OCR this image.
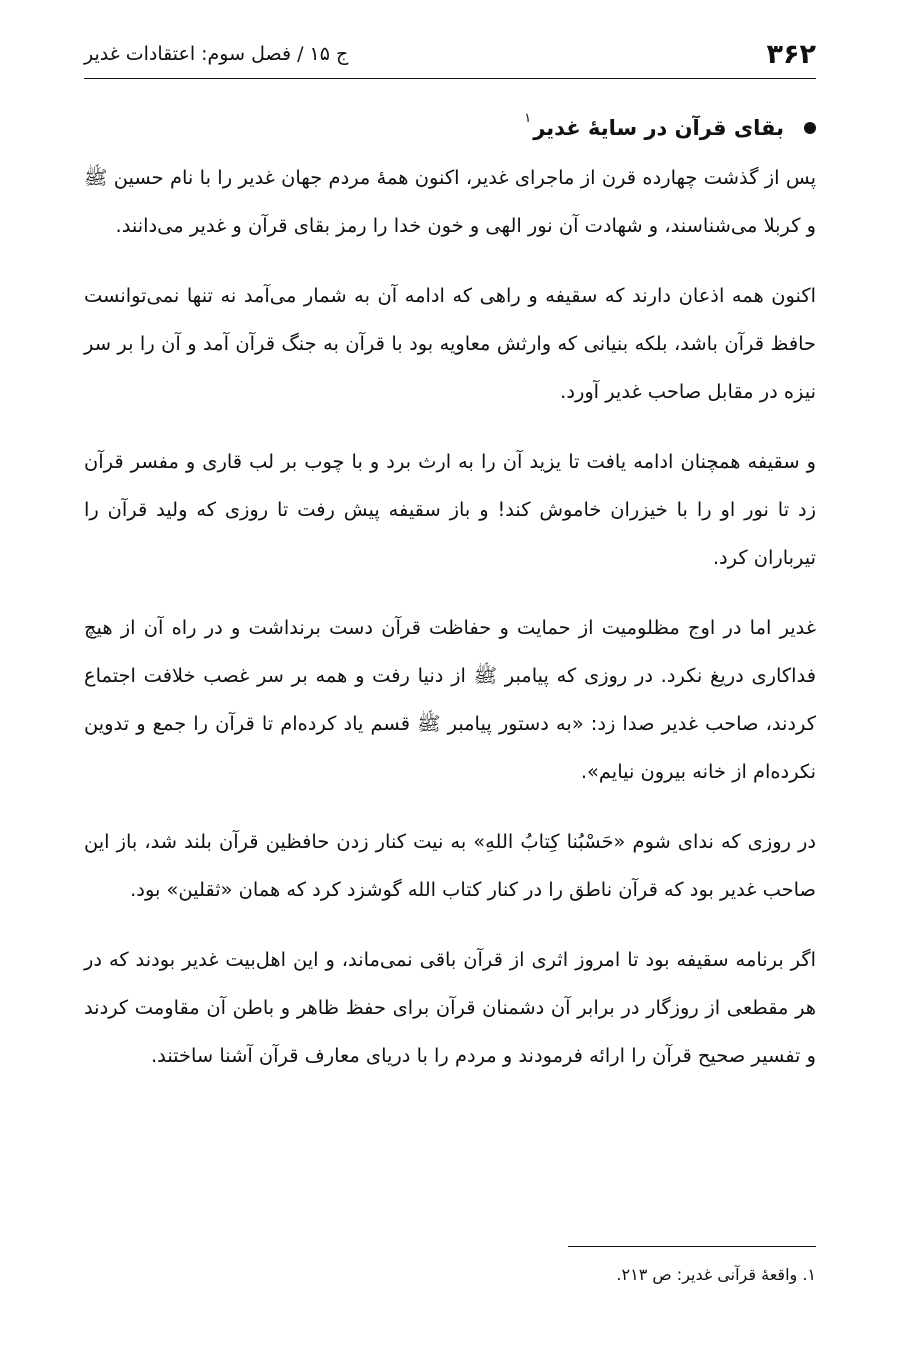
۳۶۲
ج ۱۵ / فصل سوم: اعتقادات غدیر
بقای قرآن در سایهٔ غدیر
$^۱$

پس از گذشت چهارده قرن از ماجرای غدیر، اکنون همهٔ مردم جهان غدیر را با نام حسین ﷺ و کربلا می‌شناسند، و شهادت آن نور الهی و خون خدا را رمز بقای قرآن و غدیر می‌دانند.

اکنون همه اذعان دارند که سقیفه و راهی که ادامه آن به شمار می‌آمد نه تنها نمی‌توانست حافظ قرآن باشد، بلکه بنیانی که وارثش معاویه بود با قرآن به جنگ قرآن آمد و آن را بر سر نیزه در مقابل صاحب غدیر آورد.

و سقیفه همچنان ادامه یافت تا یزید آن را به ارث برد و با چوب بر لب قاری و مفسر قرآن زد تا نور او را با خیزران خاموش کند! و باز سقیفه پیش رفت تا روزی که ولید قرآن را تیرباران کرد.

غدیر اما در اوج مظلومیت از حمایت و حفاظت قرآن دست برنداشت و در راه آن از هیچ فداکاری دریغ نکرد. در روزی که پیامبر ﷺ از دنیا رفت و همه بر سر غصب خلافت اجتماع کردند، صاحب غدیر صدا زد: «به دستور پیامبر ﷺ قسم یاد کرده‌ام تا قرآن را جمع و تدوین نکرده‌ام از خانه بیرون نیایم».

در روزی که ندای شوم «حَسْبُنا کِتابُ اللهِ» به نیت کنار زدن حافظین قرآن بلند شد، باز این صاحب غدیر بود که قرآن ناطق را در کنار کتاب الله گوشزد کرد که همان «ثقلین» بود.

اگر برنامه سقیفه بود تا امروز اثری از قرآن باقی نمی‌ماند، و این اهل‌بیت غدیر بودند که در هر مقطعی از روزگار در برابر آن دشمنان قرآن برای حفظ ظاهر و باطن آن مقاومت کردند و تفسیر صحیح قرآن را ارائه فرمودند و مردم را با دریای معارف قرآن آشنا ساختند.

۱. واقعهٔ قرآنی غدیر: ص ۲۱۳.
